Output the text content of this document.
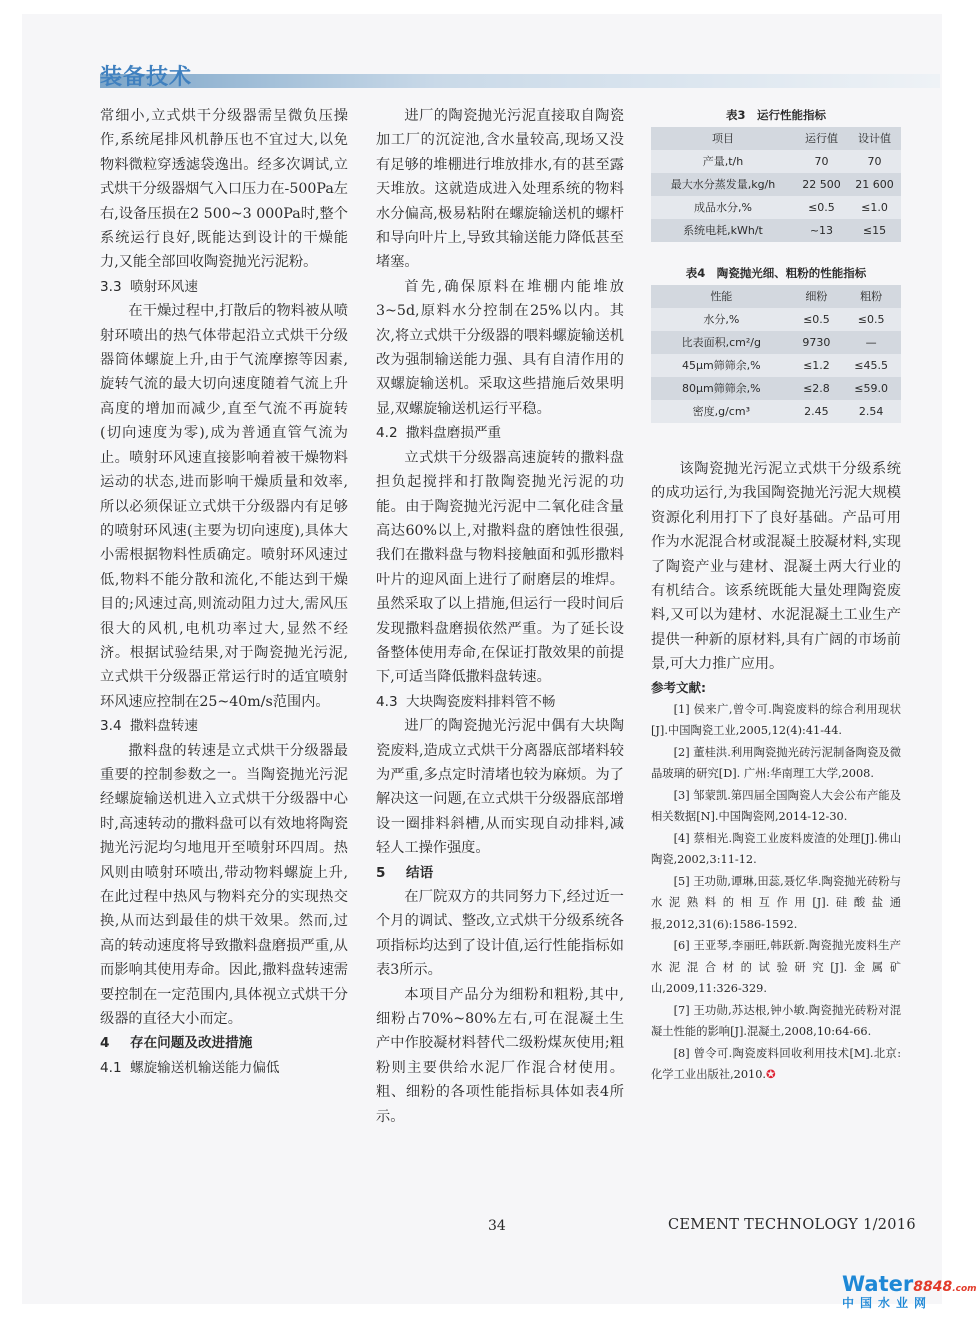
装备技术

常细小,立式烘干分级器需呈微负压操作,系统尾排风机静压也不宜过大,以免物料微粒穿透滤袋逸出。经多次调试,立式烘干分级器烟气入口压力在-500Pa左右,设备压损在2 500~3 000Pa时,整个系统运行良好,既能达到设计的干燥能力,又能全部回收陶瓷抛光污泥粉。

3.3 喷射环风速

在干燥过程中,打散后的物料被从喷射环喷出的热气体带起沿立式烘干分级器筒体螺旋上升,由于气流摩擦等因素,旋转气流的最大切向速度随着气流上升高度的增加而减少,直至气流不再旋转(切向速度为零),成为普通直管气流为止。喷射环风速直接影响着被干燥物料运动的状态,进而影响干燥质量和效率,所以必须保证立式烘干分级器内有足够的喷射环风速(主要为切向速度),具体大小需根据物料性质确定。喷射环风速过低,物料不能分散和流化,不能达到干燥目的;风速过高,则流动阻力过大,需风压很大的风机,电机功率过大,显然不经济。根据试验结果,对于陶瓷抛光污泥,立式烘干分级器正常运行时的适宜喷射环风速应控制在25~40m/s范围内。

3.4 撒料盘转速

撒料盘的转速是立式烘干分级器最重要的控制参数之一。当陶瓷抛光污泥经螺旋输送机进入立式烘干分级器中心时,高速转动的撒料盘可以有效地将陶瓷抛光污泥均匀地甩开至喷射环四周。热风则由喷射环喷出,带动物料螺旋上升,在此过程中热风与物料充分的实现热交换,从而达到最佳的烘干效果。然而,过高的转动速度将导致撒料盘磨损严重,从而影响其使用寿命。因此,撒料盘转速需要控制在一定范围内,具体视立式烘干分级器的直径大小而定。

4 存在问题及改进措施
4.1 螺旋输送机输送能力偏低

进厂的陶瓷抛光污泥直接取自陶瓷加工厂的沉淀池,含水量较高,现场又没有足够的堆棚进行堆放排水,有的甚至露天堆放。这就造成进入处理系统的物料水分偏高,极易粘附在螺旋输送机的螺杆和导向叶片上,导致其输送能力降低甚至堵塞。

首先,确保原料在堆棚内能堆放3~5d,原料水分控制在25%以内。其次,将立式烘干分级器的喂料螺旋输送机改为强制输送能力强、具有自清作用的双螺旋输送机。采取这些措施后效果明显,双螺旋输送机运行平稳。

4.2 撒料盘磨损严重

立式烘干分级器高速旋转的撒料盘担负起搅拌和打散陶瓷抛光污泥的功能。由于陶瓷抛光污泥中二氧化硅含量高达60%以上,对撒料盘的磨蚀性很强,我们在撒料盘与物料接触面和弧形撒料叶片的迎风面上进行了耐磨层的堆焊。虽然采取了以上措施,但运行一段时间后发现撒料盘磨损依然严重。为了延长设备整体使用寿命,在保证打散效果的前提下,可适当降低撒料盘转速。

4.3 大块陶瓷废料排料管不畅

进厂的陶瓷抛光污泥中偶有大块陶瓷废料,造成立式烘干分离器底部堵料较为严重,多点定时清堵也较为麻烦。为了解决这一问题,在立式烘干分级器底部增设一圈排料斜槽,从而实现自动排料,减轻人工操作强度。

5 结语

在厂院双方的共同努力下,经过近一个月的调试、整改,立式烘干分级系统各项指标均达到了设计值,运行性能指标如表3所示。

本项目产品分为细粉和粗粉,其中,细粉占70%~80%左右,可在混凝土生产中作胶凝材料替代二级粉煤灰使用;粗粉则主要供给水泥厂作混合材使用。粗、细粉的各项性能指标具体如表4所示。

表3　运行性能指标
项目	运行值	设计值
产量,t/h	70	70
最大水分蒸发量,kg/h	22 500	21 600
成品水分,%	≤0.5	≤1.0
系统电耗,kWh/t	~13	≤15
表4　陶瓷抛光细、粗粉的性能指标
性能	细粉	粗粉
水分,%	≤0.5	≤0.5
比表面积,cm²/g	9730	—
45μm筛筛余,%	≤1.2	≤45.5
80μm筛筛余,%	≤2.8	≤59.0
密度,g/cm³	2.45	2.54

该陶瓷抛光污泥立式烘干分级系统的成功运行,为我国陶瓷抛光污泥大规模资源化利用打下了良好基础。产品可用作为水泥混合材或混凝土胶凝材料,实现了陶瓷产业与建材、混凝土两大行业的有机结合。该系统既能大量处理陶瓷废料,又可以为建材、水泥混凝土工业生产提供一种新的原材料,具有广阔的市场前景,可大力推广应用。

参考文献:

[1] 侯来广,曾令可.陶瓷废料的综合利用现状[J].中国陶瓷工业,2005,12(4):41-44.

[2] 董桂洪.利用陶瓷抛光砖污泥制备陶瓷及微晶玻璃的研究[D]. 广州:华南理工大学,2008.

[3] 邹蒙凯.第四届全国陶瓷人大会公布产能及相关数据[N].中国陶瓷网,2014-12-30.

[4] 蔡相光.陶瓷工业废料废渣的处理[J].佛山陶瓷,2002,3:11-12.

[5] 王功勋,谭琳,田蕊,聂忆华.陶瓷抛光砖粉与水泥熟料的相互作用[J].硅酸盐通报,2012,31(6):1586-1592.

[6] 王亚琴,李丽旺,韩跃新.陶瓷抛光废料生产水泥混合材的试验研究[J].金属矿山,2009,11:326-329.

[7] 王功勋,苏达根,钟小敏.陶瓷抛光砖粉对混凝土性能的影响[J].混凝土,2008,10:64-66.

[8] 曾令可.陶瓷废料回收利用技术[M].北京:化学工业出版社,2010.✪

34	CEMENT TECHNOLOGY 1/2016
Water8848.com
中国水业网
